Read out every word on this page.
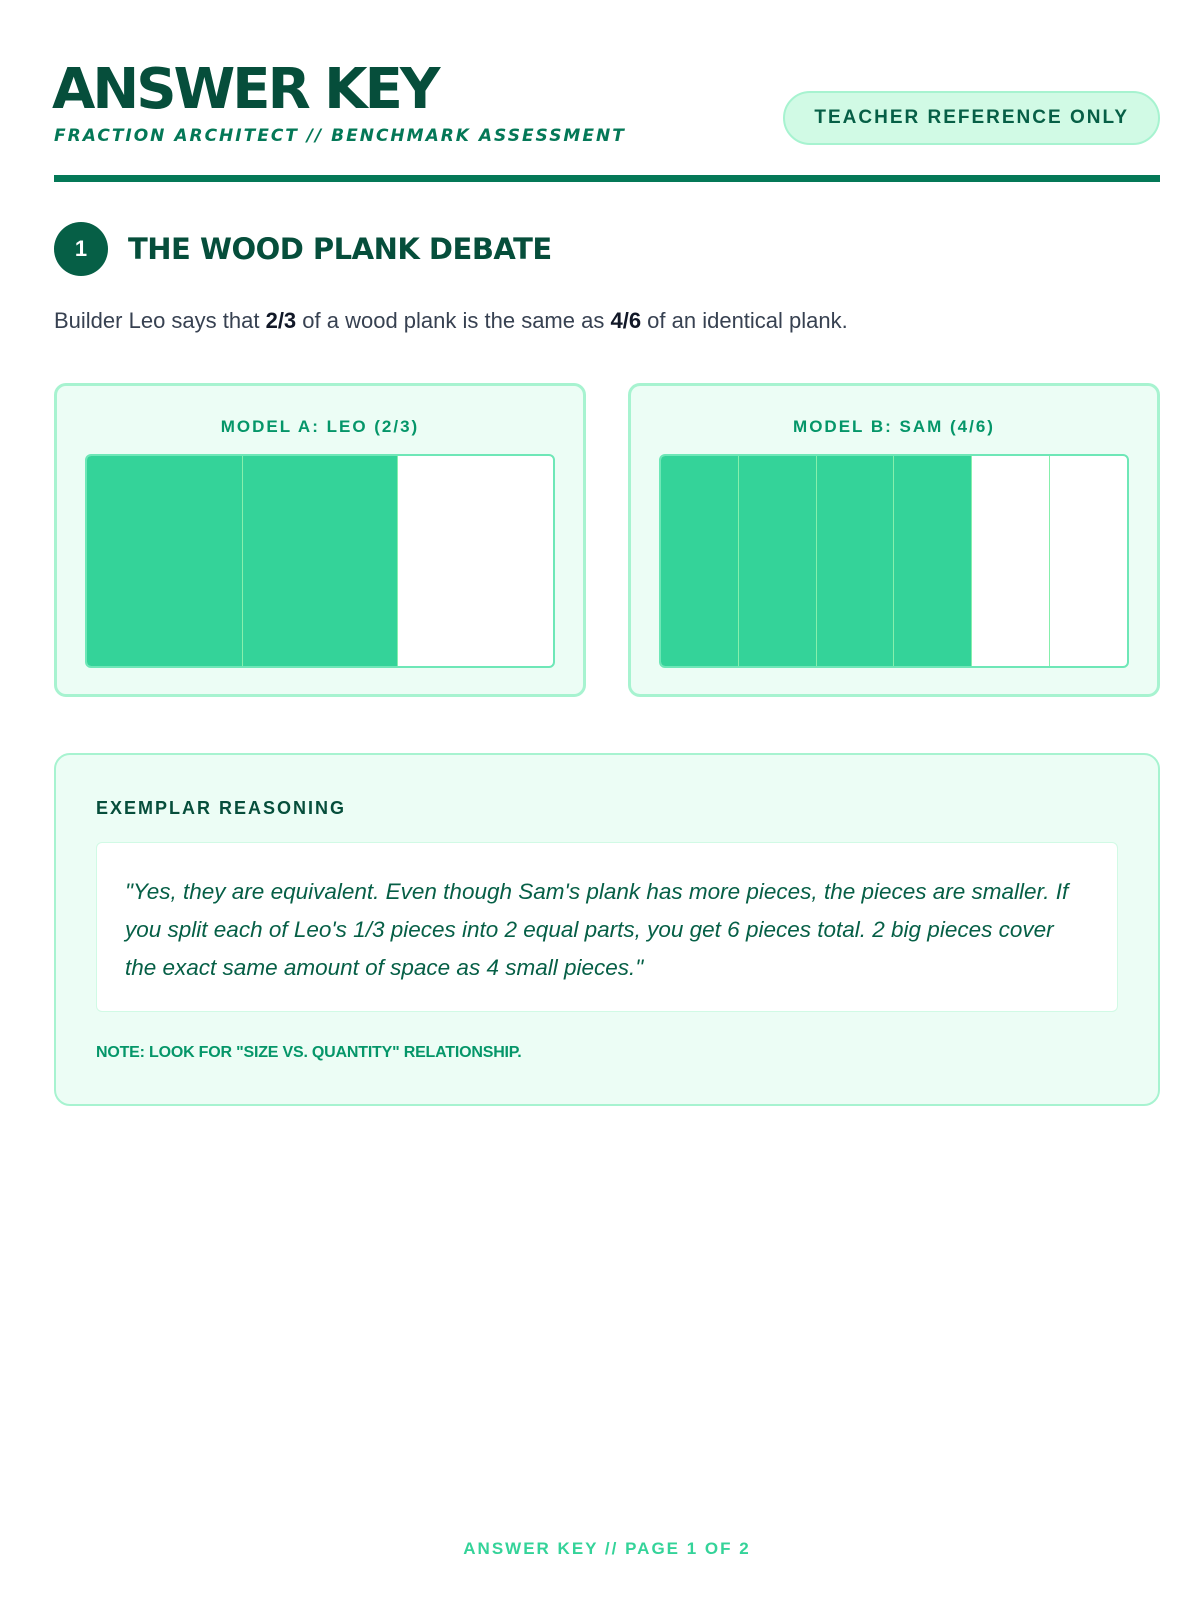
ANSWER KEY
FRACTION ARCHITECT // BENCHMARK ASSESSMENT
TEACHER REFERENCE ONLY
1	THE WOOD PLANK DEBATE

Builder Leo says that 2/3 of a wood plank is the same as 4/6 of an identical plank.

MODEL A: LEO (2/3)	MODEL B: SAM (4/6)
EXEMPLAR REASONING

"Yes, they are equivalent. Even though Sam's plank has more pieces, the pieces are smaller. If you split each of Leo's 1/3 pieces into 2 equal parts, you get 6 pieces total. 2 big pieces cover the exact same amount of space as 4 small pieces."

NOTE: LOOK FOR "SIZE VS. QUANTITY" RELATIONSHIP.

ANSWER KEY // PAGE 1 OF 2
